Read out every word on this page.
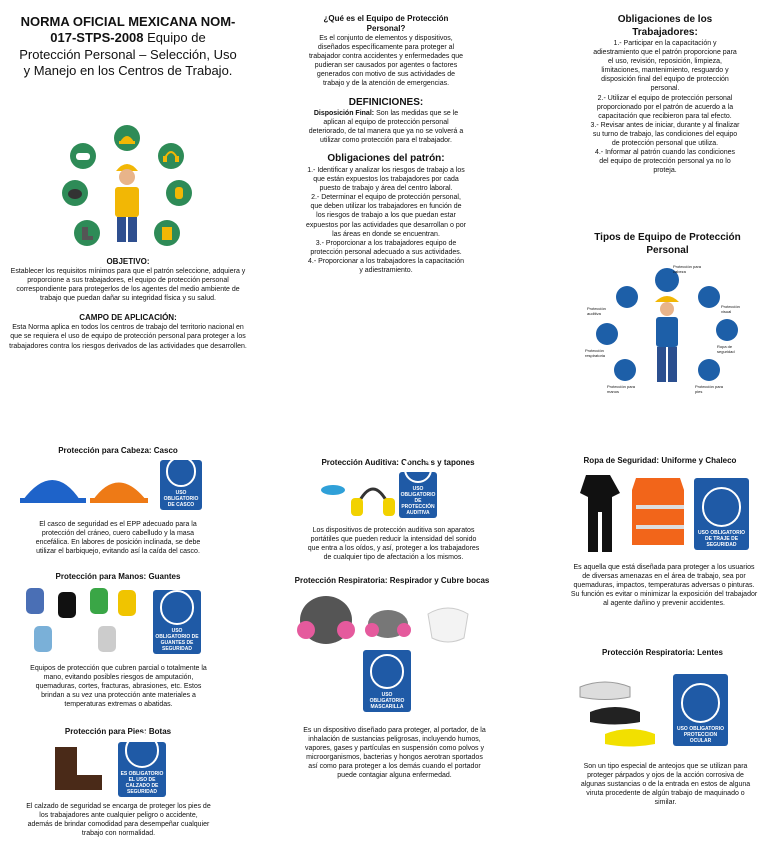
NORMA OFICIAL MEXICANA NOM-017-STPS-2008 Equipo de Protección Personal – Selección, Uso y Manejo en los Centros de Trabajo.

OBJETIVO:

Establecer los requisitos mínimos para que el patrón seleccione, adquiera y proporcione a sus trabajadores, el equipo de protección personal correspondiente para protegerlos de los agentes del medio ambiente de trabajo que puedan dañar su integridad física y su salud.

CAMPO DE APLICACIÓN:

Esta Norma aplica en todos los centros de trabajo del territorio nacional en que se requiera el uso de equipo de protección personal para proteger a los trabajadores contra los riesgos derivados de las actividades que desarrollen.

¿Qué es el Equipo de Protección Personal?

Es el conjunto de elementos y dispositivos, diseñados específicamente para proteger al trabajador contra accidentes y enfermedades que pudieran ser causados por agentes o factores generados con motivo de sus actividades de trabajo y de la atención de emergencias.

DEFINICIONES:

Disposición Final: Son las medidas que se le aplican al equipo de protección personal deteriorado, de tal manera que ya no se volverá a utilizar como protección para el trabajador.

Obligaciones del patrón:

1.- Identificar y analizar los riesgos de trabajo a los que están expuestos los trabajadores por cada puesto de trabajo y área del centro laboral.

2.- Determinar el equipo de protección personal, que deben utilizar los trabajadores en función de los riesgos de trabajo a los que puedan estar expuestos por las actividades que desarrollan o por las áreas en donde se encuentran.

3.- Proporcionar a los trabajadores equipo de protección personal adecuado a sus actividades.

4.- Proporcionar a los trabajadores la capacitación y adiestramiento.

Obligaciones de los Trabajadores:

1.- Participar en la capacitación y adiestramiento que el patrón proporcione para el uso, revisión, reposición, limpieza, limitaciones, mantenimiento, resguardo y disposición final del equipo de protección personal.

2.- Utilizar el equipo de protección personal proporcionado por el patrón de acuerdo a la capacitación que recibieron para tal efecto.

3.- Revisar antes de iniciar, durante y al finalizar su turno de trabajo, las condiciones del equipo de protección personal que utiliza.

4.- Informar al patrón cuando las condiciones del equipo de protección personal ya no lo proteja.

Tipos de Equipo de Protección Personal

Protección para cabeza
Protección visual
Protección auditiva
Protección respiratoria
Ropa de seguridad
Protección para manos
Protección para pies

Protección para Cabeza: Casco

USO OBLIGATORIO DE CASCO

El casco de seguridad es el EPP adecuado para la protección del cráneo, cuero cabelludo y la masa encefálica. En labores de posición inclinada, se debe utilizar el barbiquejo, evitando así la caída del casco.

Protección para Manos: Guantes

USO OBLIGATORIO DE GUANTES DE SEGURIDAD

Equipos de protección que cubren parcial o totalmente la mano, evitando posibles riesgos de amputación, quemaduras, cortes, fracturas, abrasiones, etc. Estos brindan a su vez una protección ante materiales a temperaturas extremas o abatidas.

Protección para Pies: Botas

ES OBLIGATORIO EL USO DE CALZADO DE SEGURIDAD

El calzado de seguridad se encarga de proteger los pies de los trabajadores ante cualquier peligro o accidente, además de brindar comodidad para desempeñar cualquier trabajo con normalidad.

Protección Auditiva: Conchas y tapones

USO OBLIGATORIO DE PROTECCIÓN AUDITIVA

Los dispositivos de protección auditiva son aparatos portátiles que pueden reducir la intensidad del sonido que entra a los oídos, y así, proteger a los trabajadores de cualquier tipo de afectación a los mismos.

Protección Respiratoria: Respirador y Cubre bocas

USO OBLIGATORIO MASCARILLA

Es un dispositivo diseñado para proteger, al portador, de la inhalación de sustancias peligrosas, incluyendo humos, vapores, gases y partículas en suspensión como polvos y microorganismos, bacterias y hongos aerotran sportados así como para proteger a los demás cuando el portador puede contagiar alguna enfermedad.

Ropa de Seguridad: Uniforme y Chaleco

USO OBLIGATORIO DE TRAJE DE SEGURIDAD

Es aquella que está diseñada para proteger a los usuarios de diversas amenazas en el área de trabajo, sea por quemaduras, impactos, temperaturas adversas o pinturas. Su función es evitar o minimizar la exposición del trabajador al agente dañino y prevenir accidentes.

Protección Respiratoria: Lentes

USO OBLIGATORIO PROTECCION OCULAR

Son un tipo especial de anteojos que se utilizan para proteger párpados y ojos de la acción corrosiva de algunas sustancias o de la entrada en estos de alguna viruta procedente de algún trabajo de maquinado o similar.
